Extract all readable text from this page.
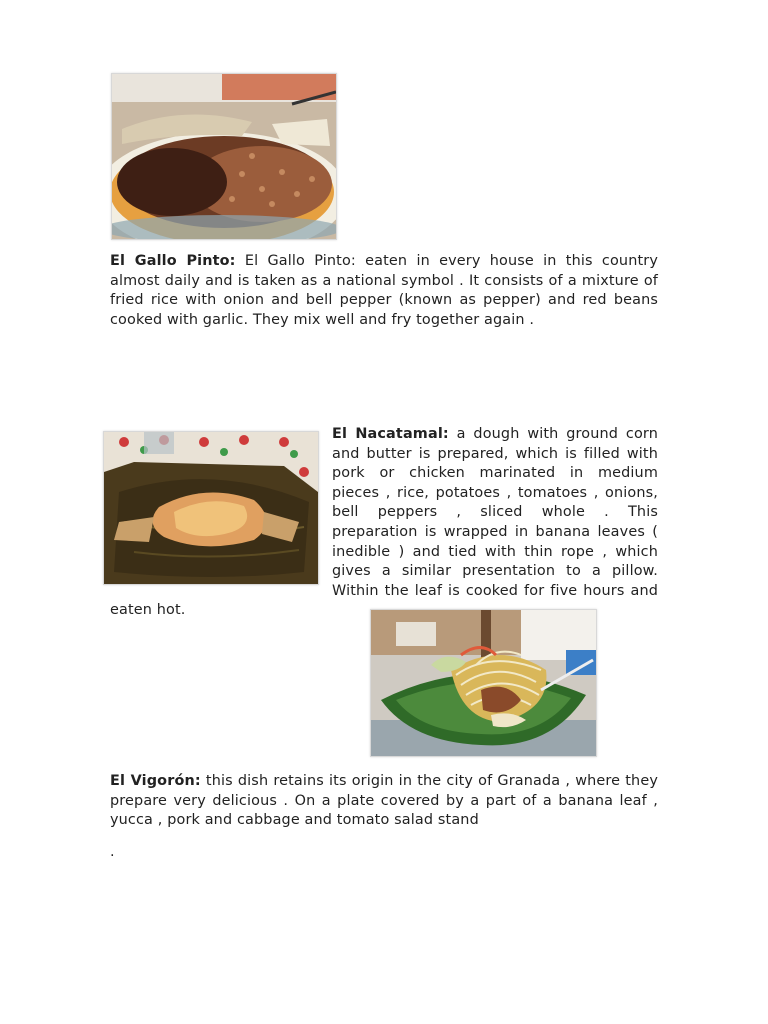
El Gallo Pinto: El Gallo Pinto: eaten in every house in this country almost daily and is taken as a national symbol . It consists of a mixture of fried rice with onion and bell pepper (known as pepper) and red beans cooked with garlic. They mix well and fry together again .

El Nacatamal: a dough with ground corn and butter is prepared, which is filled with pork or chicken marinated in medium pieces , rice, potatoes , tomatoes , onions, bell peppers , sliced whole . This preparation is wrapped in banana leaves ( inedible ) and tied with thin rope , which gives a similar presentation to a pillow. Within the leaf is cooked for five hours and eaten hot.

El Vigorón: this dish retains its origin in the city of Granada , where they prepare very delicious . On a plate covered by a part of a banana leaf , yucca , pork and cabbage and tomato salad stand

.
